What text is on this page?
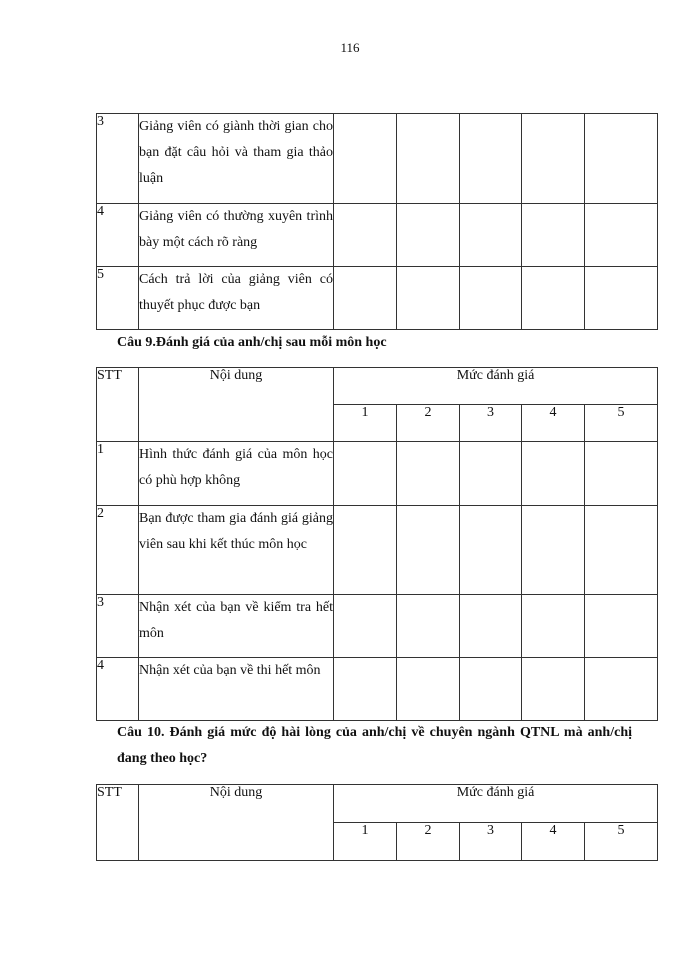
116
3	Giảng viên có giành thời gian cho bạn đặt câu hỏi và tham gia thảo luận					
4	Giảng viên có thường xuyên trình bày một cách rõ ràng					
5	Cách trả lời của giảng viên có thuyết phục được bạn					
Câu 9.Đánh giá của anh/chị sau mỗi môn học
STT	Nội dung	Mức đánh giá				
		1	2	3	4	5
1	Hình thức đánh giá của môn học có phù hợp không					
2	Bạn được tham gia đánh giá giảng viên sau khi kết thúc môn học					
3	Nhận xét của bạn về kiểm tra hết môn					
4	Nhận xét của bạn về thi hết môn					
Câu 10. Đánh giá mức độ hài lòng của anh/chị về chuyên ngành QTNL mà anh/chị đang theo học?
STT	Nội dung	Mức đánh giá				
		1	2	3	4	5
